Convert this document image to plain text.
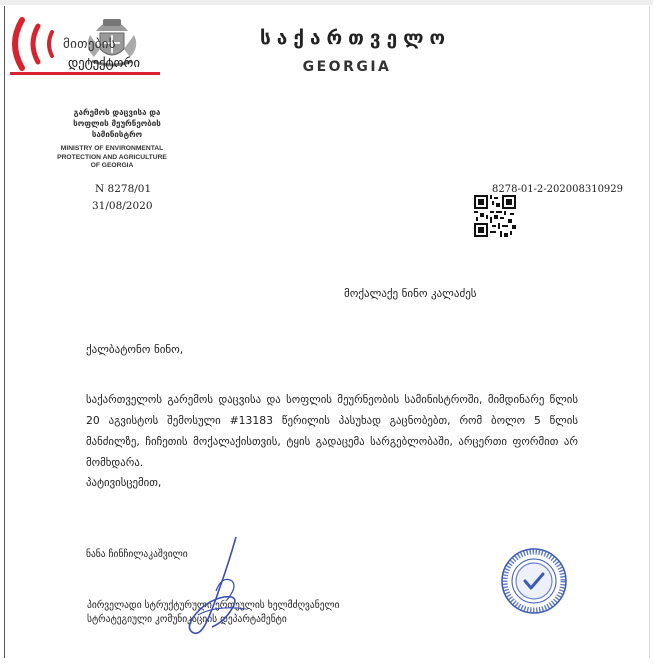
მითების
დეტექტორი
საქართველო
GEORGIA
გარემოს დაცვისა და
სოფლის მეურნეობის
სამინისტრო
MINISTRY OF ENVIRONMENTAL
PROTECTION AND AGRICULTURE
OF GEORGIA
N 8278/01
31/08/2020
8278-01-2-202008310929
მოქალაქე ნინო კალაძეს
ქალბატონო ნინო,
საქართველოს გარემოს დაცვისა და სოფლის მეურნეობის სამინისტროში, მიმდინარე წლის
20 აგვისტოს შემოსული #13183 წერილის პასუხად გაცნობებთ, რომ ბოლო 5 წლის
მანძილზე, ჩიჩეთის მოქალაქისთვის, ტყის გადაცემა სარგებლობაში, არცერთი ფორმით არ
მომხდარა.
პატივისცემით,
ნანა ჩინჩილაკაშვილი
პირველადი სტრუქტურული ერთეულის ხელმძღვანელი
სტრატეგიული კომუნიკაციის დეპარტამენტი
